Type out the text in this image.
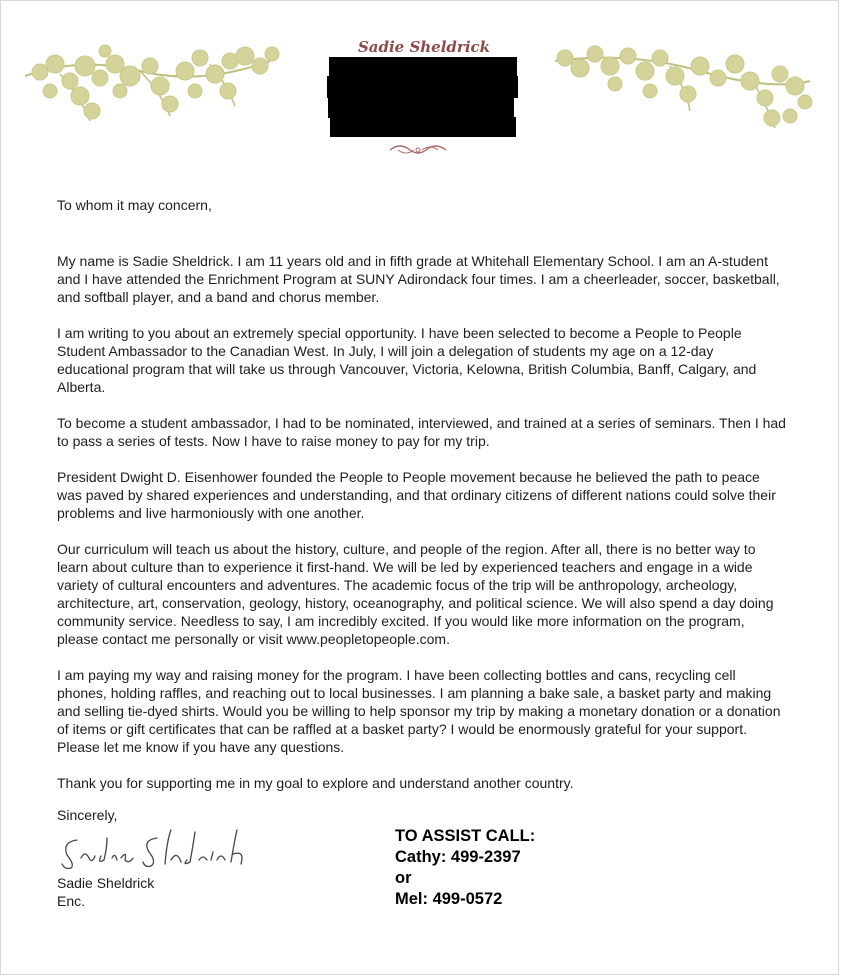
Sadie Sheldrick

To whom it may concern,

My name is Sadie Sheldrick. I am 11 years old and in fifth grade at Whitehall Elementary School. I am an A-student and I have attended the Enrichment Program at SUNY Adirondack four times. I am a cheerleader, soccer, basketball, and softball player, and a band and chorus member.

I am writing to you about an extremely special opportunity. I have been selected to become a People to People Student Ambassador to the Canadian West. In July, I will join a delegation of students my age on a 12-day educational program that will take us through Vancouver, Victoria, Kelowna, British Columbia, Banff, Calgary, and Alberta.

To become a student ambassador, I had to be nominated, interviewed, and trained at a series of seminars. Then I had to pass a series of tests. Now I have to raise money to pay for my trip.

President Dwight D. Eisenhower founded the People to People movement because he believed the path to peace was paved by shared experiences and understanding, and that ordinary citizens of different nations could solve their problems and live harmoniously with one another.

Our curriculum will teach us about the history, culture, and people of the region. After all, there is no better way to learn about culture than to experience it first-hand. We will be led by experienced teachers and engage in a wide variety of cultural encounters and adventures. The academic focus of the trip will be anthropology, archeology, architecture, art, conservation, geology, history, oceanography, and political science. We will also spend a day doing community service. Needless to say, I am incredibly excited. If you would like more information on the program, please contact me personally or visit www.peopletopeople.com.

I am paying my way and raising money for the program. I have been collecting bottles and cans, recycling cell phones, holding raffles, and reaching out to local businesses. I am planning a bake sale, a basket party and making and selling tie-dyed shirts. Would you be willing to help sponsor my trip by making a monetary donation or a donation of items or gift certificates that can be raffled at a basket party? I would be enormously grateful for your support. Please let me know if you have any questions.

Thank you for supporting me in my goal to explore and understand another country.

Sincerely,
Sadie Sheldrick
Enc.
TO ASSIST CALL:
Cathy: 499-2397
or
Mel: 499-0572
